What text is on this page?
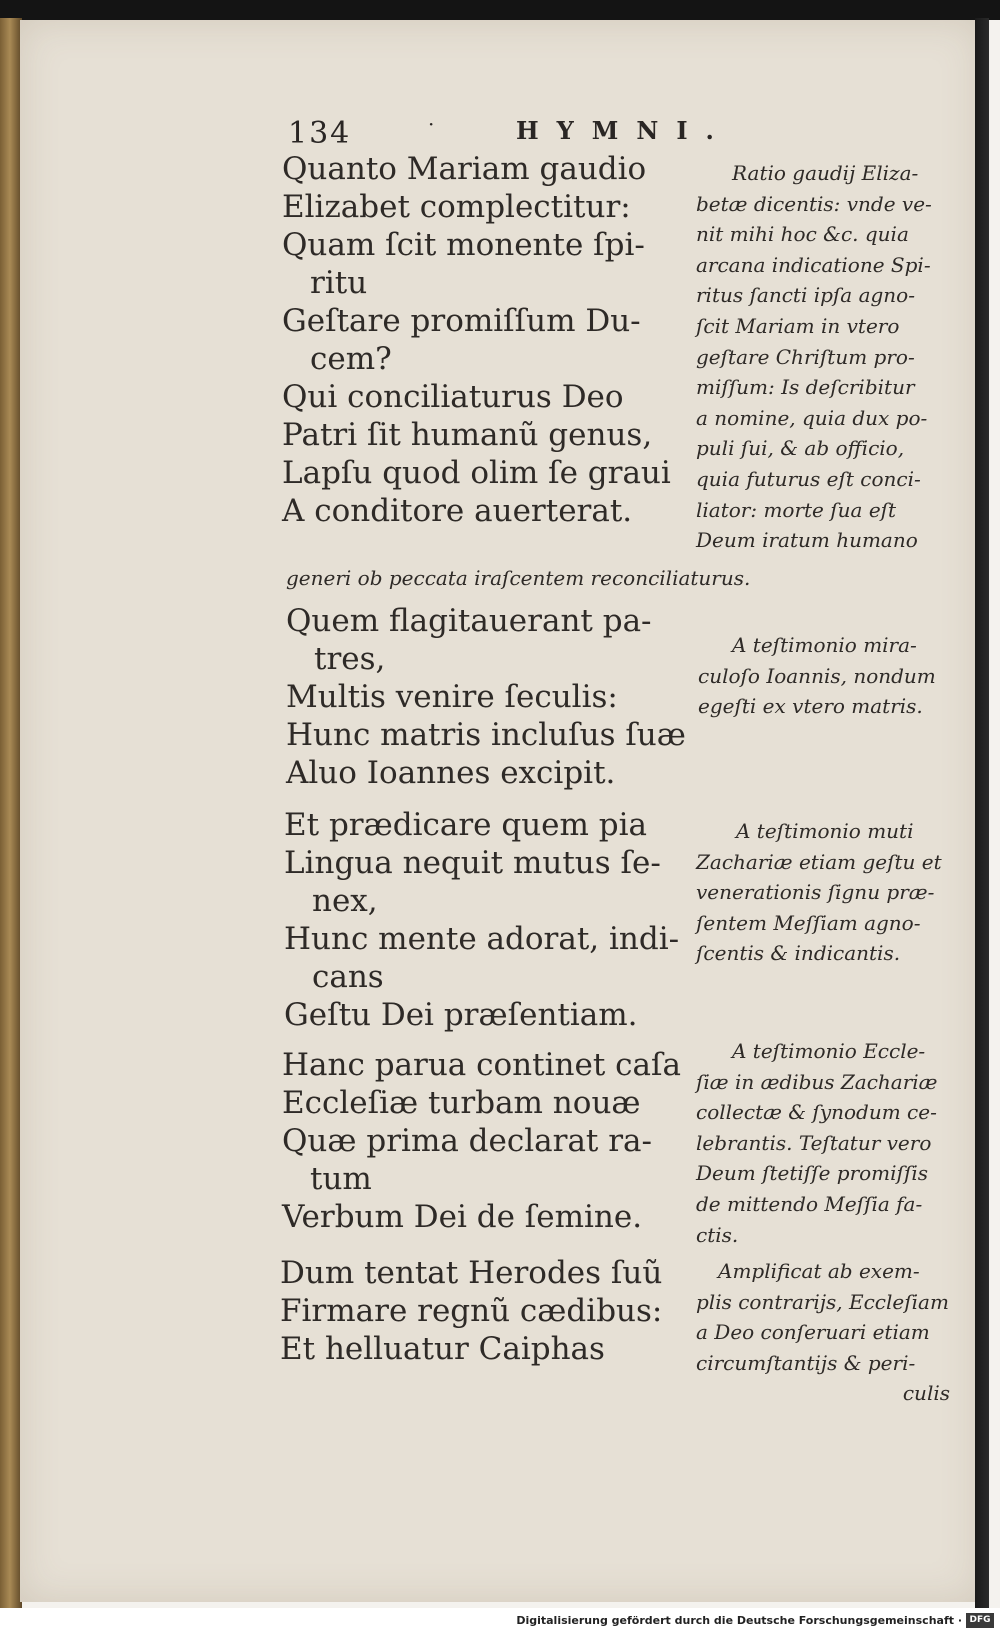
134	·	HYMNI.
Quanto Mariam gaudio
Elizabet complectitur:
Quam ſcit monente ſpi-
ritu
Geſtare promiſſum Du-
cem?
Qui conciliaturus Deo
Patri ſit humanũ genus,
Lapſu quod olim ſe graui
A conditore auerterat.
Ratio gaudij Eliza-
betæ dicentis: vnde ve-
nit mihi hoc &c. quia
arcana indicatione Spi-
ritus ſancti ipſa agno-
ſcit Mariam in vtero
geſtare Chriſtum pro-
miſſum: Is deſcribitur
a nomine, quia dux po-
puli ſui, & ab officio,
quia futurus eſt conci-
liator: morte ſua eſt
Deum iratum humano
generi ob peccata iraſcentem reconciliaturus.
Quem flagitauerant pa-
tres,
Multis venire ſeculis:
Hunc matris incluſus ſuæ
Aluo Ioannes excipit.
A teſtimonio mira-
culoſo Ioannis, nondum
egeſti ex vtero matris.
Et prædicare quem pia
Lingua nequit mutus ſe-
nex,
Hunc mente adorat, indi-
cans
Geſtu Dei præſentiam.
A teſtimonio muti
Zachariæ etiam geſtu et
venerationis ſignu præ-
ſentem Meſſiam agno-
ſcentis & indicantis.
Hanc parua continet caſa
Eccleſiæ turbam nouæ
Quæ prima declarat ra-
tum
Verbum Dei de ſemine.
A teſtimonio Eccle-
ſiæ in ædibus Zachariæ
collectæ & ſynodum ce-
lebrantis. Teſtatur vero
Deum ſtetiſſe promiſſis
de mittendo Meſſia fa-
ctis.
Dum tentat Herodes ſuũ
Firmare regnũ cædibus:
Et helluatur Caiphas
Amplificat ab exem-
plis contrarijs, Eccleſiam
a Deo conſeruari etiam
circumſtantijs & peri-
culis
Digitalisierung gefördert durch die Deutsche Forschungsgemeinschaft · DFG
